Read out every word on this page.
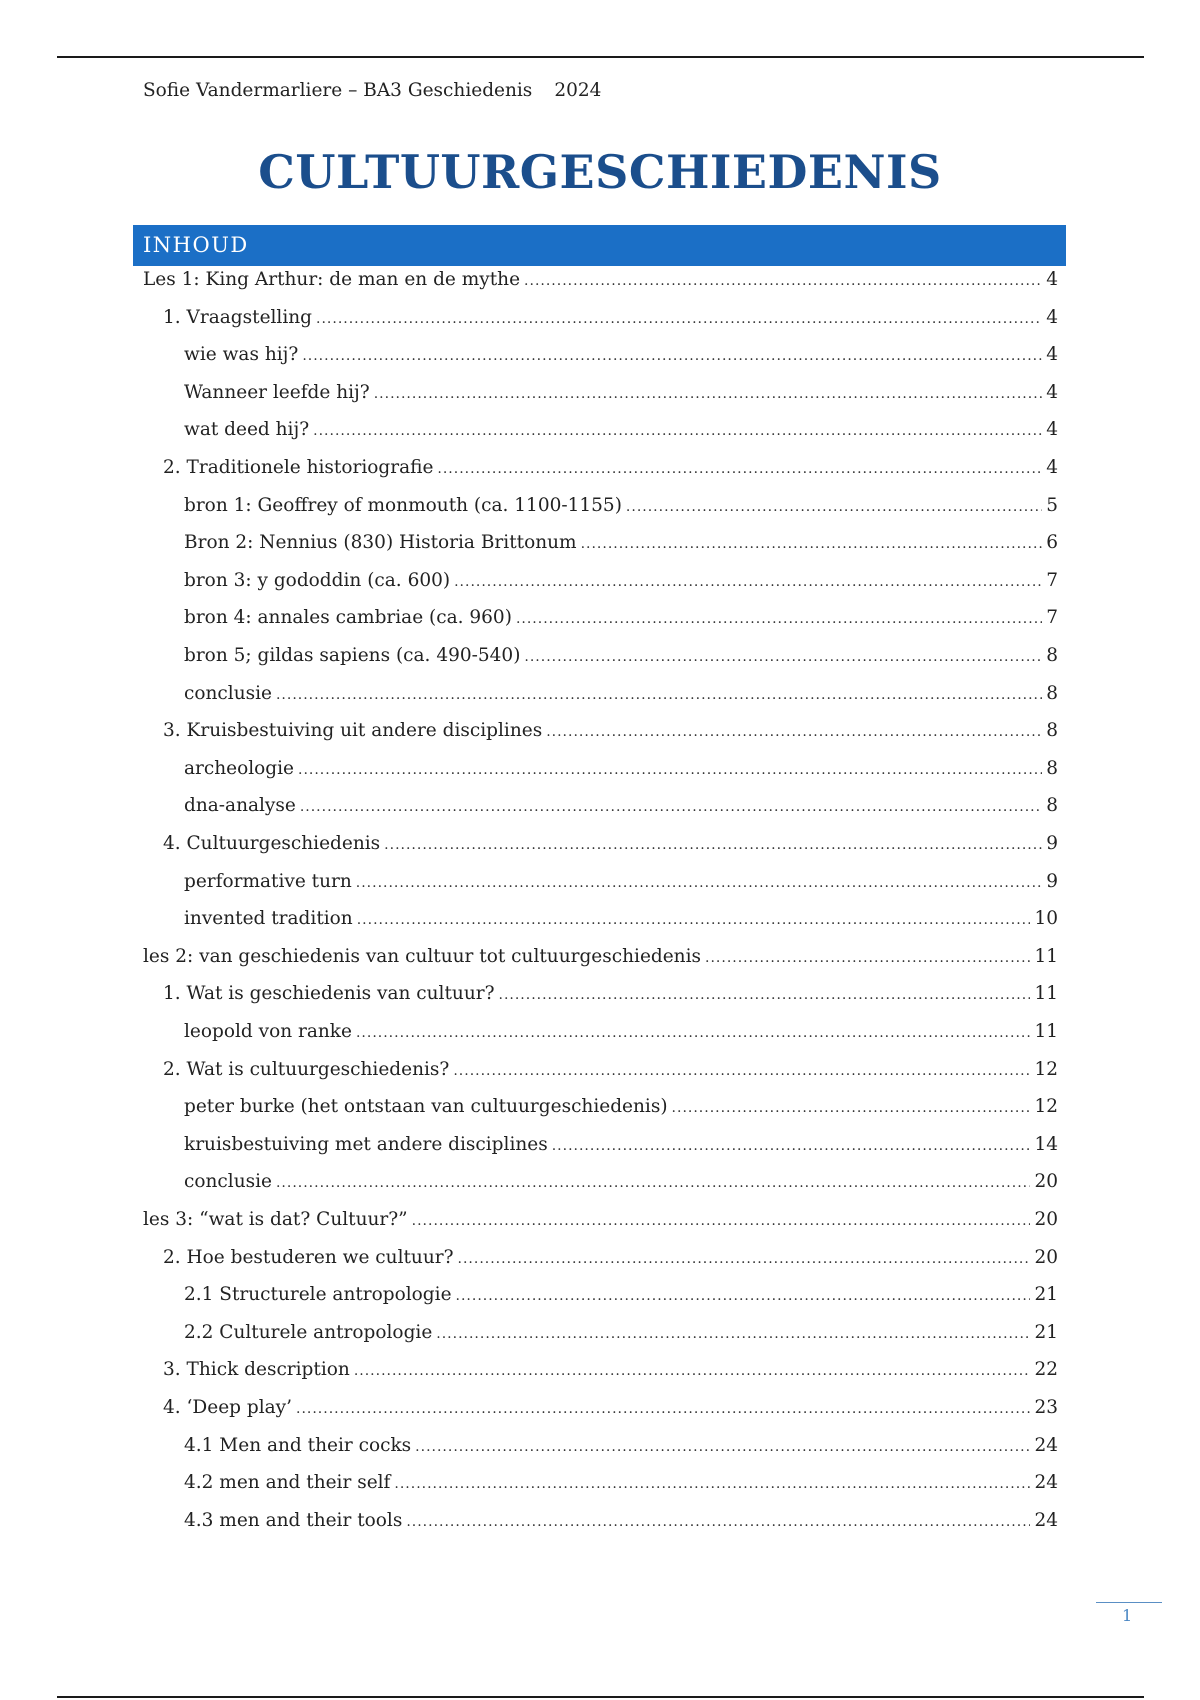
Sofie Vandermarliere – BA3 Geschiedenis 2024
CULTUURGESCHIEDENIS
INHOUD
Les 1: King Arthur: de man en de mythe .....	4
1. Vraagstelling .....	4
wie was hij? .....	4
Wanneer leefde hij? .....	4
wat deed hij? .....	4
2. Traditionele historiografie .....	4
bron 1: Geoffrey of monmouth (ca. 1100-1155) .....	5
Bron 2: Nennius (830) Historia Brittonum .....	6
bron 3: y gododdin (ca. 600) .....	7
bron 4: annales cambriae (ca. 960) .....	7
bron 5; gildas sapiens (ca. 490-540) .....	8
conclusie .....	8
3. Kruisbestuiving uit andere disciplines .....	8
archeologie .....	8
dna-analyse .....	8
4. Cultuurgeschiedenis .....	9
performative turn .....	9
invented tradition .....	10
les 2: van geschiedenis van cultuur tot cultuurgeschiedenis .....	11
1. Wat is geschiedenis van cultuur? .....	11
leopold von ranke .....	11
2. Wat is cultuurgeschiedenis? .....	12
peter burke (het ontstaan van cultuurgeschiedenis) .....	12
kruisbestuiving met andere disciplines .....	14
conclusie .....	20
les 3: “wat is dat? Cultuur?” .....	20
2. Hoe bestuderen we cultuur? .....	20
2.1 Structurele antropologie .....	21
2.2 Culturele antropologie .....	21
3. Thick description .....	22
4. ‘Deep play’ .....	23
4.1 Men and their cocks .....	24
4.2 men and their self .....	24
4.3 men and their tools .....	24
1
